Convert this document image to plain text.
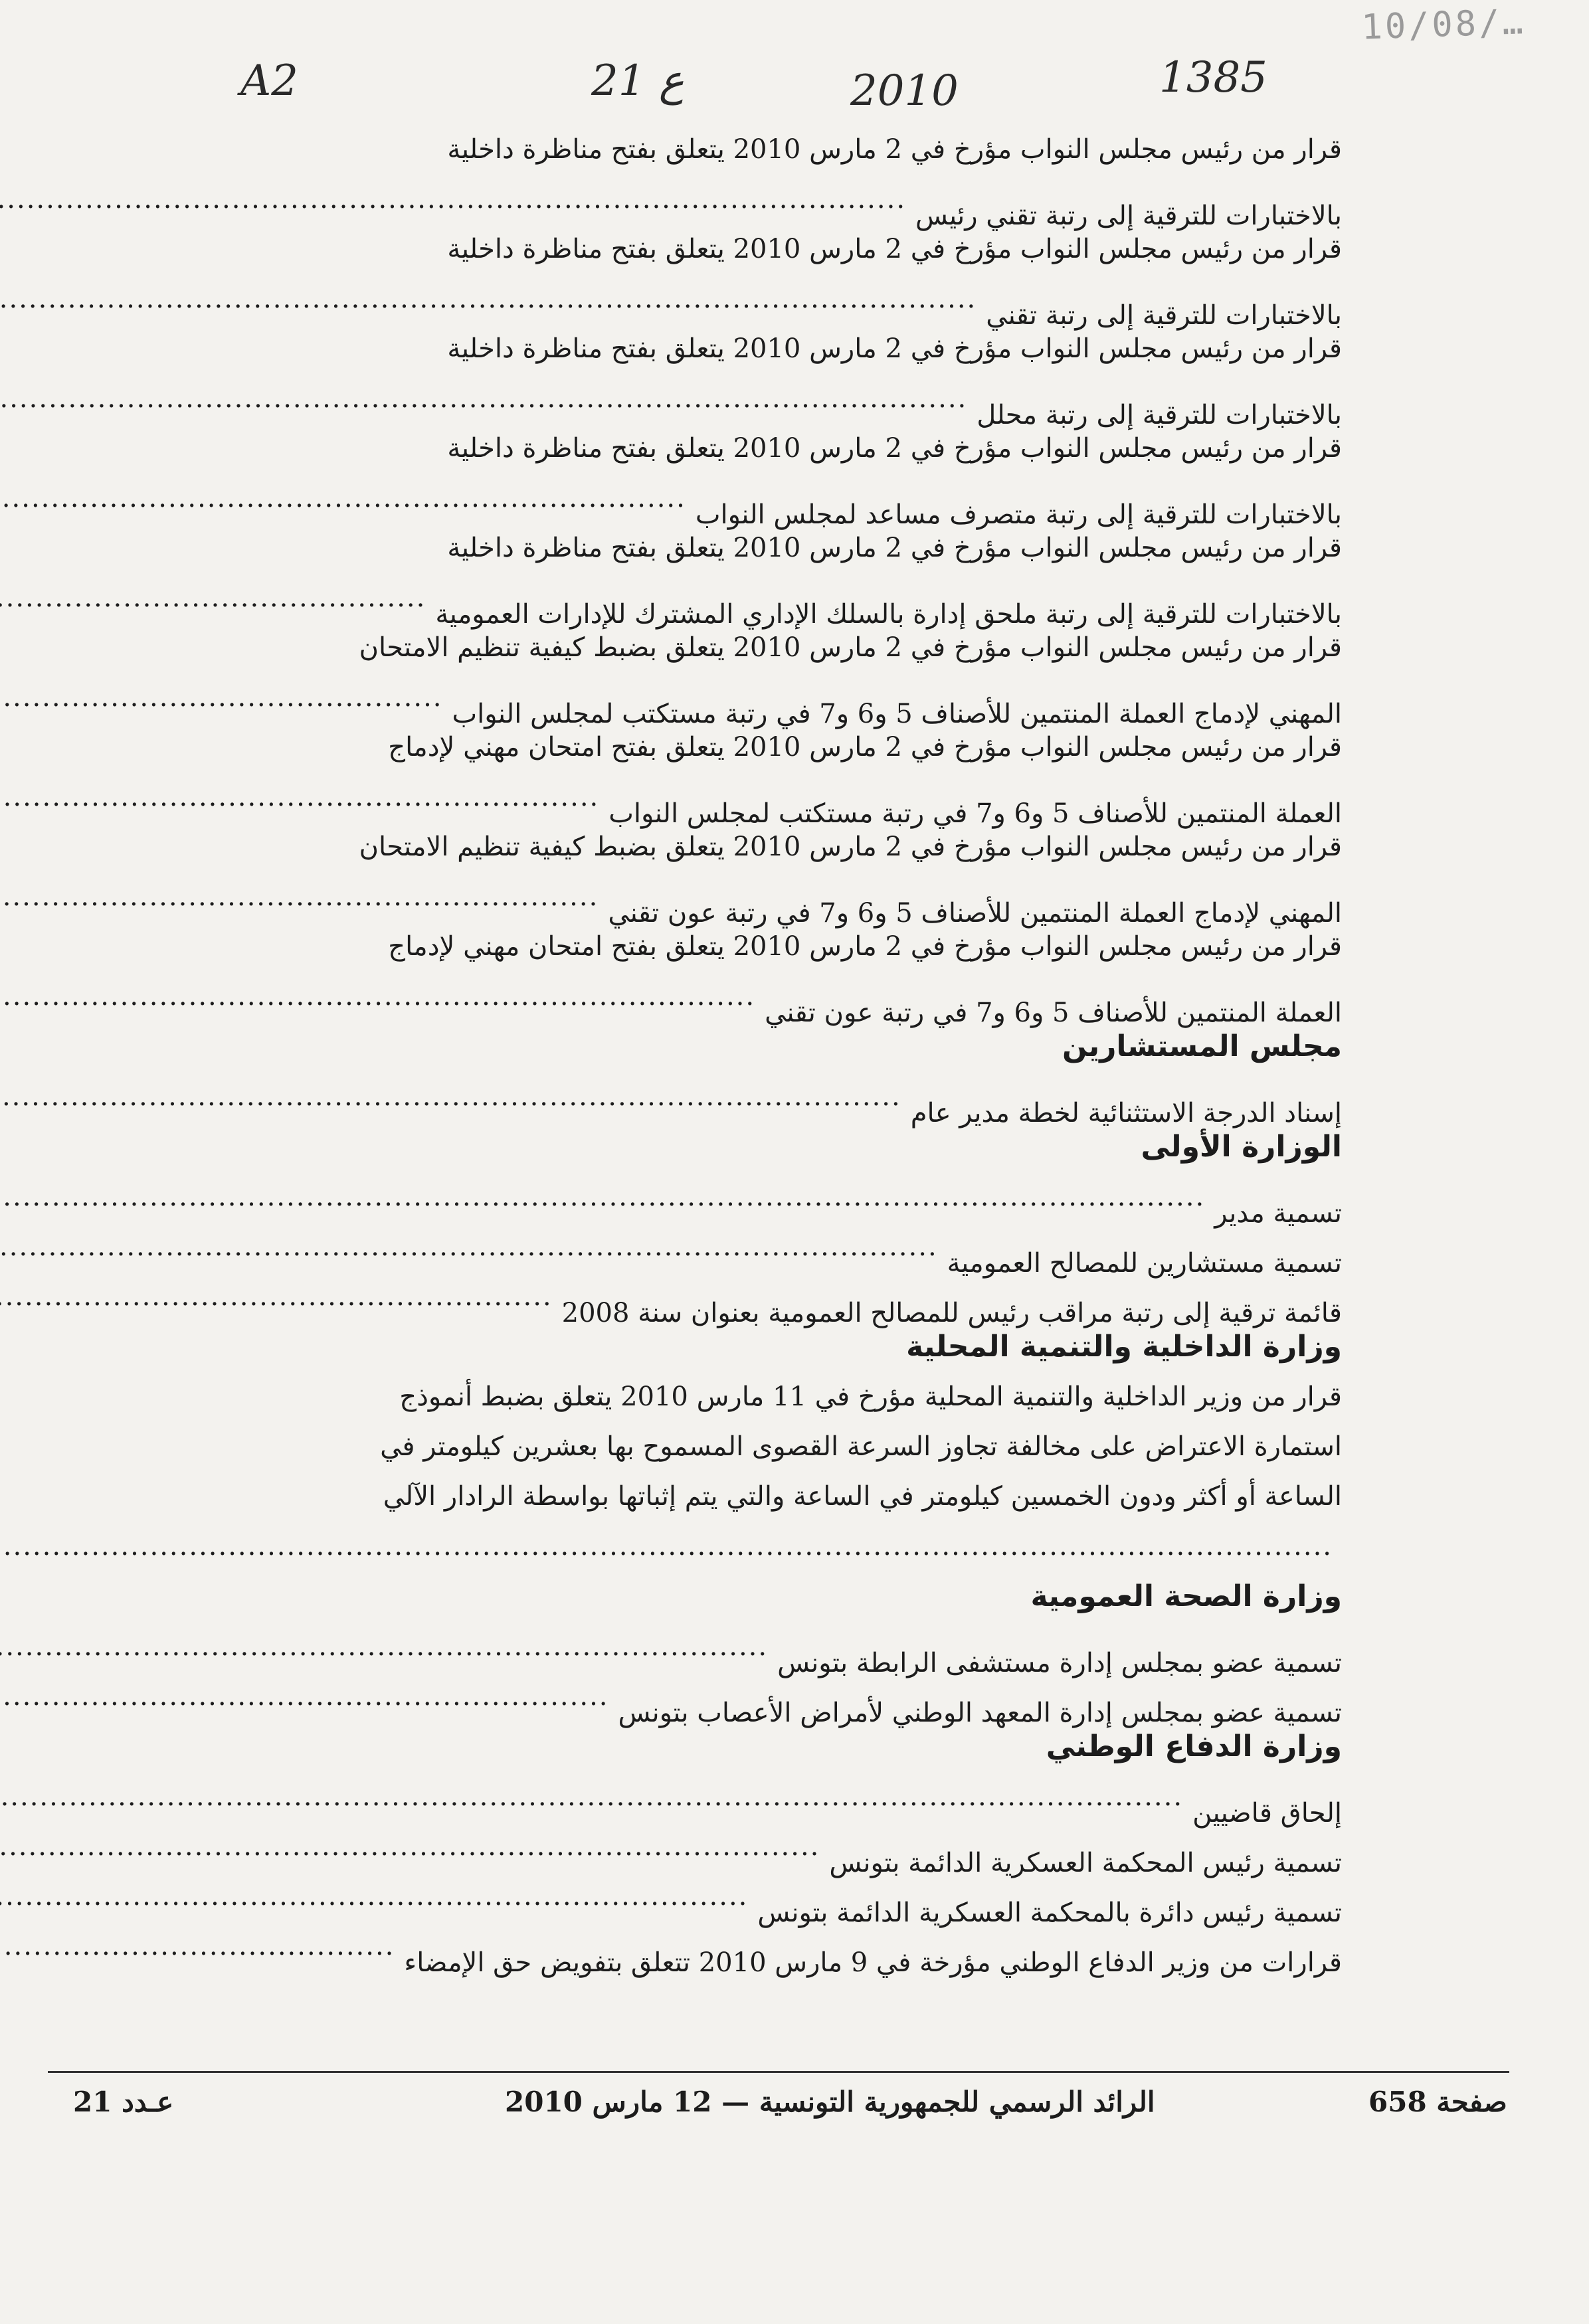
A2	21 ع	2010	1385
10/08/…
قرار من رئيس مجلس النواب مؤرخ في 2 مارس 2010 يتعلق بفتح مناظرة داخلية
بالاختبارات للترقية إلى رتبة تقني رئيس
.....
قرار من رئيس مجلس النواب مؤرخ في 2 مارس 2010 يتعلق بفتح مناظرة داخلية
بالاختبارات للترقية إلى رتبة تقني
.....
قرار من رئيس مجلس النواب مؤرخ في 2 مارس 2010 يتعلق بفتح مناظرة داخلية
بالاختبارات للترقية إلى رتبة محلل
.....
قرار من رئيس مجلس النواب مؤرخ في 2 مارس 2010 يتعلق بفتح مناظرة داخلية
بالاختبارات للترقية إلى رتبة متصرف مساعد لمجلس النواب
.....
قرار من رئيس مجلس النواب مؤرخ في 2 مارس 2010 يتعلق بفتح مناظرة داخلية
بالاختبارات للترقية إلى رتبة ملحق إدارة بالسلك الإداري المشترك للإدارات العمومية
.....
قرار من رئيس مجلس النواب مؤرخ في 2 مارس 2010 يتعلق بضبط كيفية تنظيم الامتحان
المهني لإدماج العملة المنتمين للأصناف 5 و6 و7 في رتبة مستكتب لمجلس النواب
.....
قرار من رئيس مجلس النواب مؤرخ في 2 مارس 2010 يتعلق بفتح امتحان مهني لإدماج
العملة المنتمين للأصناف 5 و6 و7 في رتبة مستكتب لمجلس النواب
.....
قرار من رئيس مجلس النواب مؤرخ في 2 مارس 2010 يتعلق بضبط كيفية تنظيم الامتحان
المهني لإدماج العملة المنتمين للأصناف 5 و6 و7 في رتبة عون تقني
.....
قرار من رئيس مجلس النواب مؤرخ في 2 مارس 2010 يتعلق بفتح امتحان مهني لإدماج
العملة المنتمين للأصناف 5 و6 و7 في رتبة عون تقني
.....
مجلس المستشارين
إسناد الدرجة الاستثنائية لخطة مدير عام
.....
الوزارة الأولى
تسمية مدير
.....
تسمية مستشارين للمصالح العمومية
.....
قائمة ترقية إلى رتبة مراقب رئيس للمصالح العمومية بعنوان سنة 2008
.....
وزارة الداخلية والتنمية المحلية
قرار من وزير الداخلية والتنمية المحلية مؤرخ في 11 مارس 2010 يتعلق بضبط أنموذج
استمارة الاعتراض على مخالفة تجاوز السرعة القصوى المسموح بها بعشرين كيلومتر في
الساعة أو أكثر ودون الخمسين كيلومتر في الساعة والتي يتم إثباتها بواسطة الرادار الآلي
.....
وزارة الصحة العمومية
تسمية عضو بمجلس إدارة مستشفى الرابطة بتونس
.....
تسمية عضو بمجلس إدارة المعهد الوطني لأمراض الأعصاب بتونس
.....
وزارة الدفاع الوطني
إلحاق قاضيين
.....
تسمية رئيس المحكمة العسكرية الدائمة بتونس
.....
تسمية رئيس دائرة بالمحكمة العسكرية الدائمة بتونس
.....
قرارات من وزير الدفاع الوطني مؤرخة في 9 مارس 2010 تتعلق بتفويض حق الإمضاء
.....
صفحة 658
الرائد الرسمي للجمهورية التونسية — 12 مارس 2010
عـدد 21
